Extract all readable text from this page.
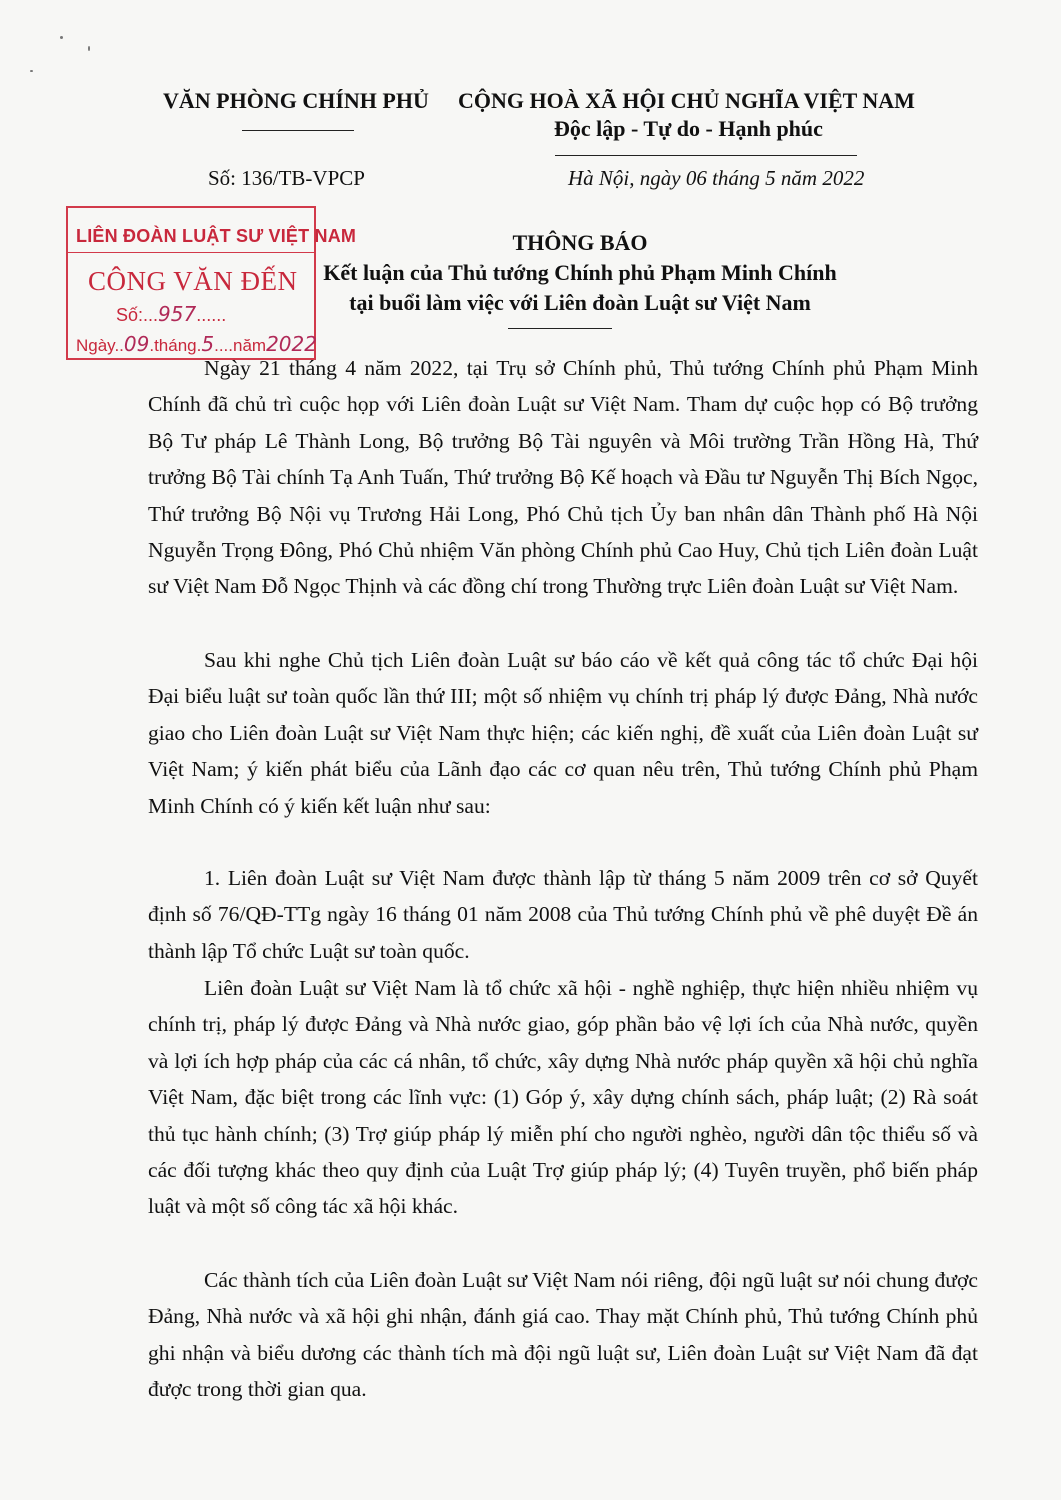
VĂN PHÒNG CHÍNH PHỦ CỘNG HOÀ XÃ HỘI CHỦ NGHĨA VIỆT NAM
Độc lập - Tự do - Hạnh phúc
Số: 136/TB-VPCP	Hà Nội, ngày 06 tháng 5 năm 2022
THÔNG BÁO
Kết luận của Thủ tướng Chính phủ Phạm Minh Chính
tại buổi làm việc với Liên đoàn Luật sư Việt Nam
LIÊN ĐOÀN LUẬT SƯ VIỆT NAM
CÔNG VĂN ĐẾN
Số:...957......
Ngày..09.tháng.5....năm2022

Ngày 21 tháng 4 năm 2022, tại Trụ sở Chính phủ, Thủ tướng Chính phủ Phạm Minh Chính đã chủ trì cuộc họp với Liên đoàn Luật sư Việt Nam. Tham dự cuộc họp có Bộ trưởng Bộ Tư pháp Lê Thành Long, Bộ trưởng Bộ Tài nguyên và Môi trường Trần Hồng Hà, Thứ trưởng Bộ Tài chính Tạ Anh Tuấn, Thứ trưởng Bộ Kế hoạch và Đầu tư Nguyễn Thị Bích Ngọc, Thứ trưởng Bộ Nội vụ Trương Hải Long, Phó Chủ tịch Ủy ban nhân dân Thành phố Hà Nội Nguyễn Trọng Đông, Phó Chủ nhiệm Văn phòng Chính phủ Cao Huy, Chủ tịch Liên đoàn Luật sư Việt Nam Đỗ Ngọc Thịnh và các đồng chí trong Thường trực Liên đoàn Luật sư Việt Nam.

Sau khi nghe Chủ tịch Liên đoàn Luật sư báo cáo về kết quả công tác tổ chức Đại hội Đại biểu luật sư toàn quốc lần thứ III; một số nhiệm vụ chính trị pháp lý được Đảng, Nhà nước giao cho Liên đoàn Luật sư Việt Nam thực hiện; các kiến nghị, đề xuất của Liên đoàn Luật sư Việt Nam; ý kiến phát biểu của Lãnh đạo các cơ quan nêu trên, Thủ tướng Chính phủ Phạm Minh Chính có ý kiến kết luận như sau:

1. Liên đoàn Luật sư Việt Nam được thành lập từ tháng 5 năm 2009 trên cơ sở Quyết định số 76/QĐ-TTg ngày 16 tháng 01 năm 2008 của Thủ tướng Chính phủ về phê duyệt Đề án thành lập Tổ chức Luật sư toàn quốc.

Liên đoàn Luật sư Việt Nam là tổ chức xã hội - nghề nghiệp, thực hiện nhiều nhiệm vụ chính trị, pháp lý được Đảng và Nhà nước giao, góp phần bảo vệ lợi ích của Nhà nước, quyền và lợi ích hợp pháp của các cá nhân, tổ chức, xây dựng Nhà nước pháp quyền xã hội chủ nghĩa Việt Nam, đặc biệt trong các lĩnh vực: (1) Góp ý, xây dựng chính sách, pháp luật; (2) Rà soát thủ tục hành chính; (3) Trợ giúp pháp lý miễn phí cho người nghèo, người dân tộc thiểu số và các đối tượng khác theo quy định của Luật Trợ giúp pháp lý; (4) Tuyên truyền, phổ biến pháp luật và một số công tác xã hội khác.

Các thành tích của Liên đoàn Luật sư Việt Nam nói riêng, đội ngũ luật sư nói chung được Đảng, Nhà nước và xã hội ghi nhận, đánh giá cao. Thay mặt Chính phủ, Thủ tướng Chính phủ ghi nhận và biểu dương các thành tích mà đội ngũ luật sư, Liên đoàn Luật sư Việt Nam đã đạt được trong thời gian qua.
